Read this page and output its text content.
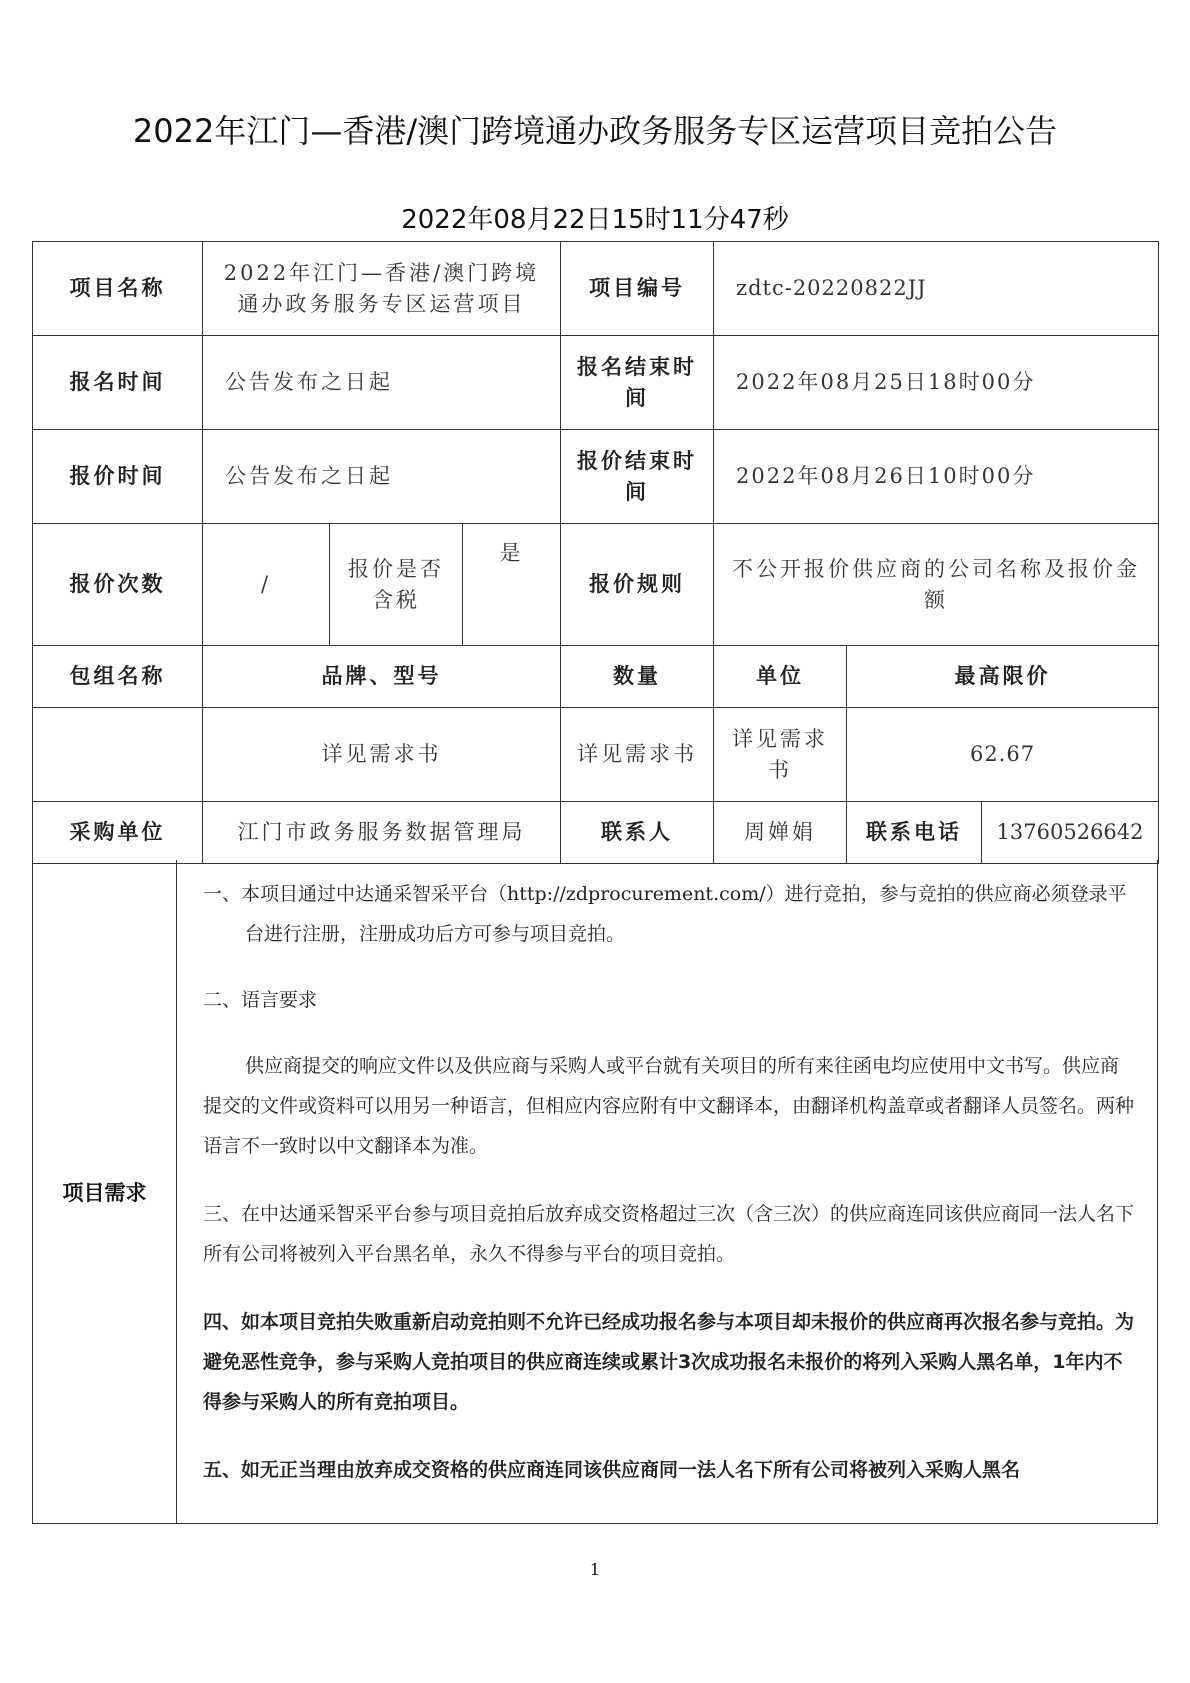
2022年江门—香港/澳门跨境通办政务服务专区运营项目竞拍公告
2022年08月22日15时11分47秒
项目名称	2022年江门—香港/澳门跨境通办政务服务专区运营项目			项目编号	zdtc-20220822JJ		
报名时间	公告发布之日起			报名结束时间	2022年08月25日18时00分		
报价时间	公告发布之日起			报价结束时间	2022年08月26日10时00分		
报价次数	/	报价是否含税	是	报价规则	不公开报价供应商的公司名称及报价金额		
包组名称	品牌、型号			数量	单位	最高限价	
	详见需求书			详见需求书	详见需求书	62.67	
采购单位	江门市政务服务数据管理局			联系人	周婵娟	联系电话	13760526642
项目需求

一、本项目通过中达通采智采平台（http://zdprocurement.com/）进行竞拍，参与竞拍的供应商必须登录平台进行注册，注册成功后方可参与项目竞拍。

二、语言要求

供应商提交的响应文件以及供应商与采购人或平台就有关项目的所有来往函电均应使用中文书写。供应商提交的文件或资料可以用另一种语言，但相应内容应附有中文翻译本，由翻译机构盖章或者翻译人员签名。两种语言不一致时以中文翻译本为准。

三、在中达通采智采平台参与项目竞拍后放弃成交资格超过三次（含三次）的供应商连同该供应商同一法人名下所有公司将被列入平台黑名单，永久不得参与平台的项目竞拍。

四、如本项目竞拍失败重新启动竞拍则不允许已经成功报名参与本项目却未报价的供应商再次报名参与竞拍。为避免恶性竞争，参与采购人竞拍项目的供应商连续或累计3次成功报名未报价的将列入采购人黑名单，1年内不得参与采购人的所有竞拍项目。

五、如无正当理由放弃成交资格的供应商连同该供应商同一法人名下所有公司将被列入采购人黑名

1
